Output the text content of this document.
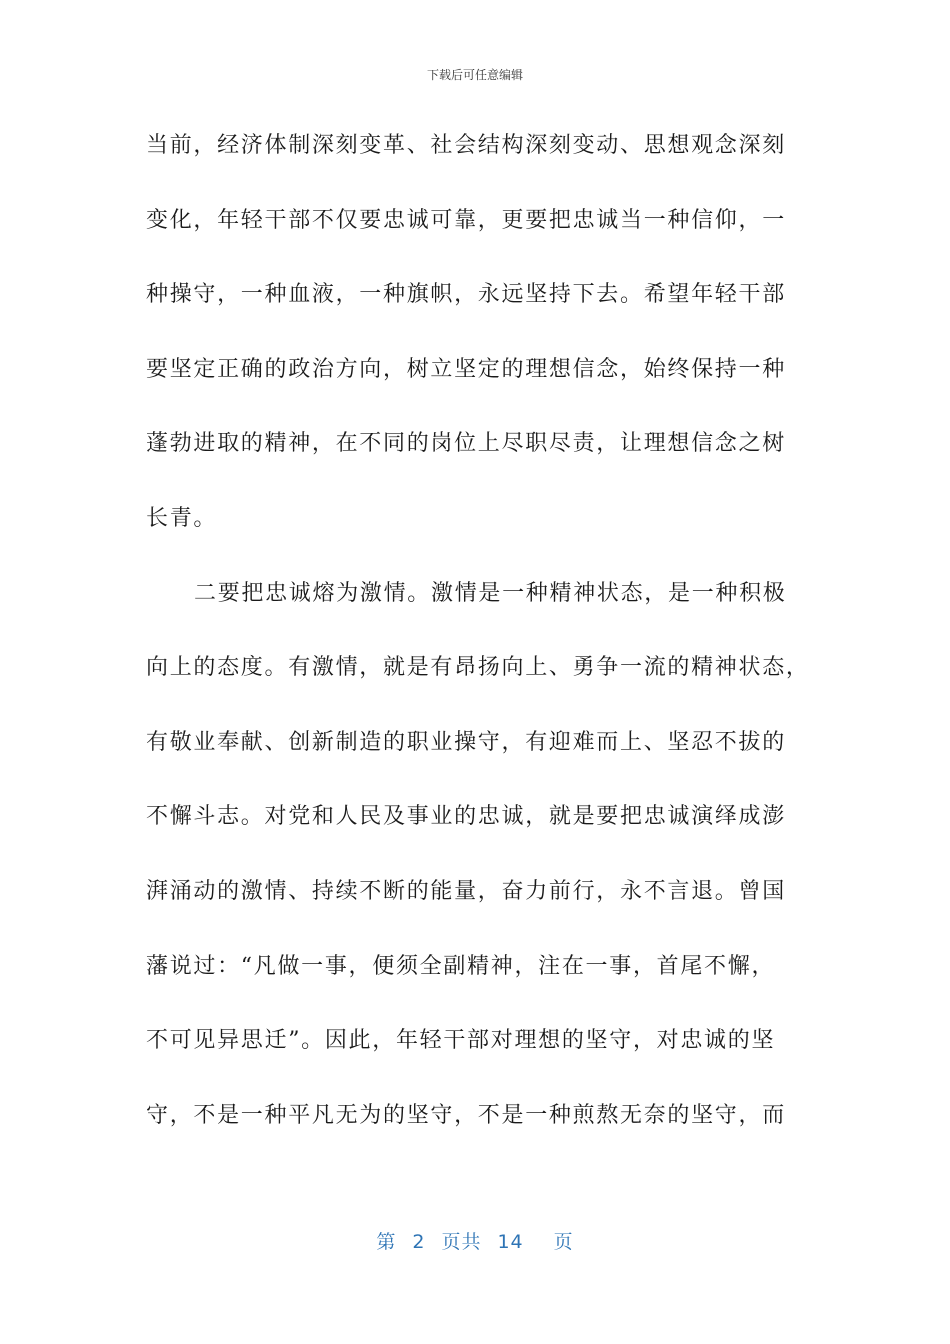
下载后可任意编辑
当前，经济体制深刻变革、社会结构深刻变动、思想观念深刻
变化，年轻干部不仅要忠诚可靠，更要把忠诚当一种信仰，一
种操守，一种血液，一种旗帜，永远坚持下去。希望年轻干部
要坚定正确的政治方向，树立坚定的理想信念，始终保持一种
蓬勃进取的精神，在不同的岗位上尽职尽责，让理想信念之树
长青。
二要把忠诚熔为激情。激情是一种精神状态，是一种积极
向上的态度。有激情，就是有昂扬向上、勇争一流的精神状态，
有敬业奉献、创新制造的职业操守，有迎难而上、坚忍不拔的
不懈斗志。对党和人民及事业的忠诚，就是要把忠诚演绎成澎
湃涌动的激情、持续不断的能量，奋力前行，永不言退。曾国
藩说过：“凡做一事，便须全副精神，注在一事，首尾不懈，
不可见异思迁”。因此，年轻干部对理想的坚守，对忠诚的坚
守，不是一种平凡无为的坚守，不是一种煎熬无奈的坚守，而
第 2 页共 14 页
